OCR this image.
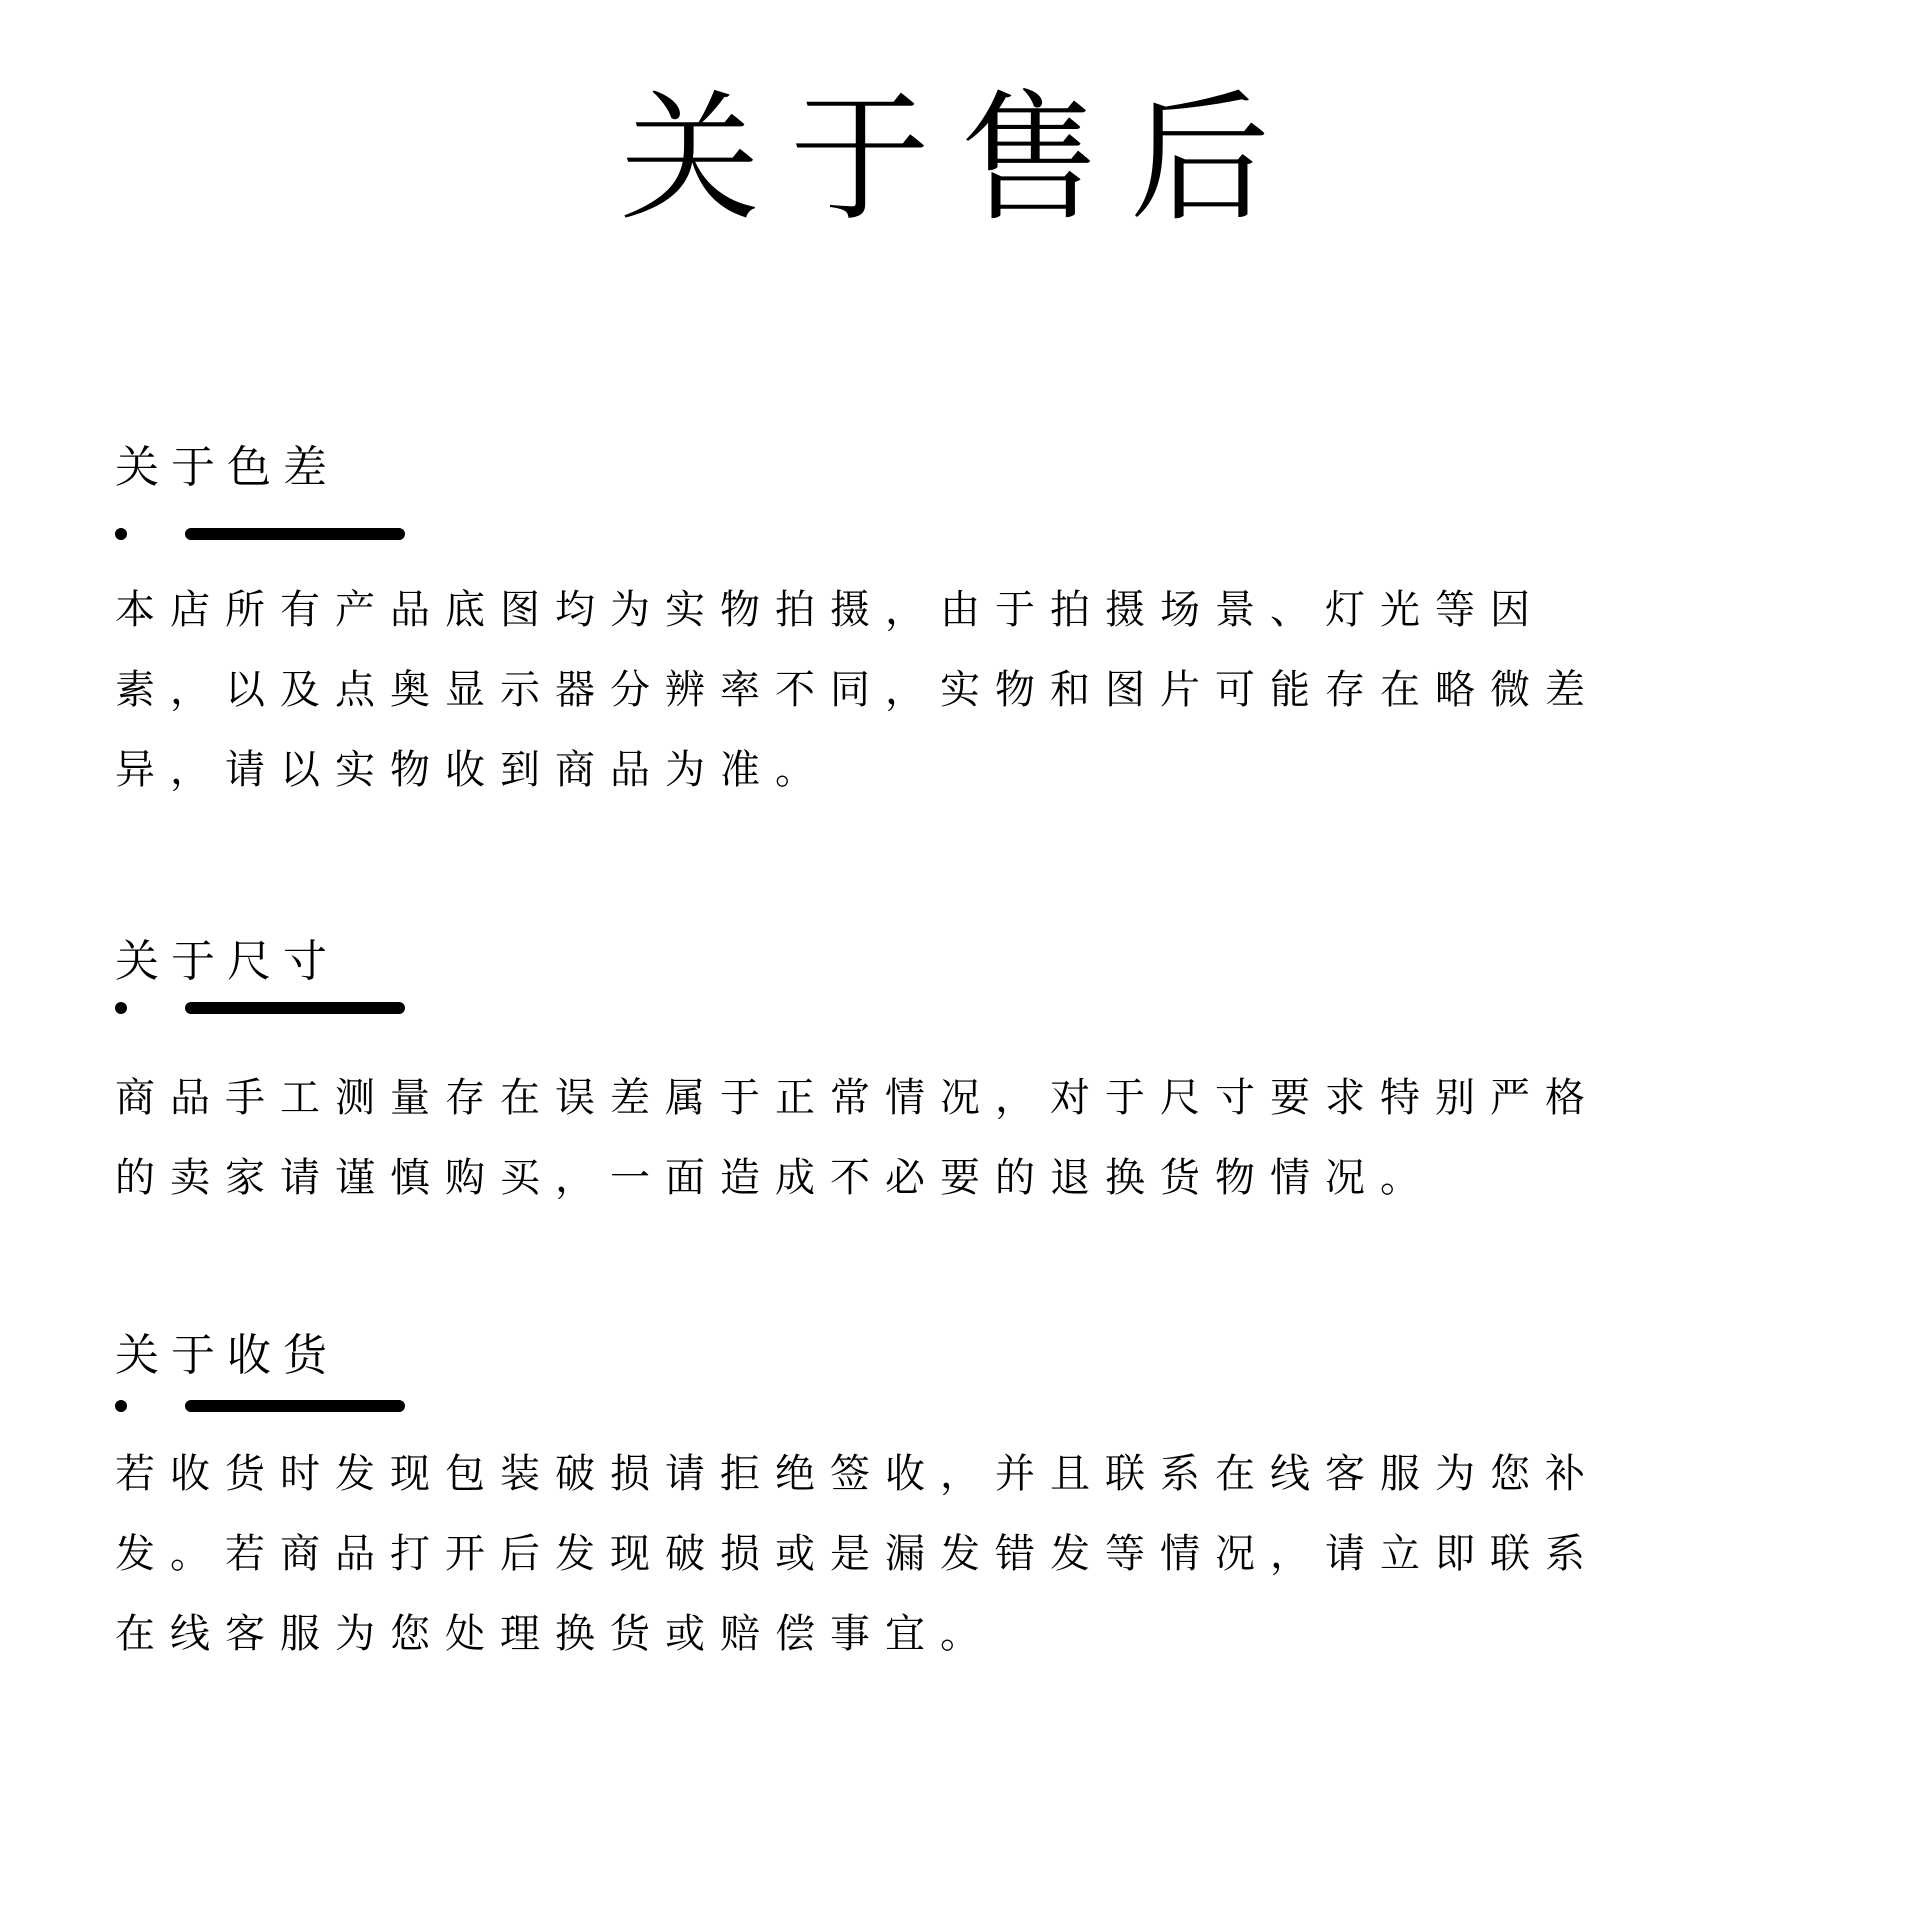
关于售后
关于色差

本店所有产品底图均为实物拍摄，由于拍摄场景、灯光等因素，以及点奥显示器分辨率不同，实物和图片可能存在略微差异，请以实物收到商品为准。

关于尺寸

商品手工测量存在误差属于正常情况，对于尺寸要求特别严格的卖家请谨慎购买，一面造成不必要的退换货物情况。

关于收货

若收货时发现包装破损请拒绝签收，并且联系在线客服为您补发。若商品打开后发现破损或是漏发错发等情况，请立即联系在线客服为您处理换货或赔偿事宜。
